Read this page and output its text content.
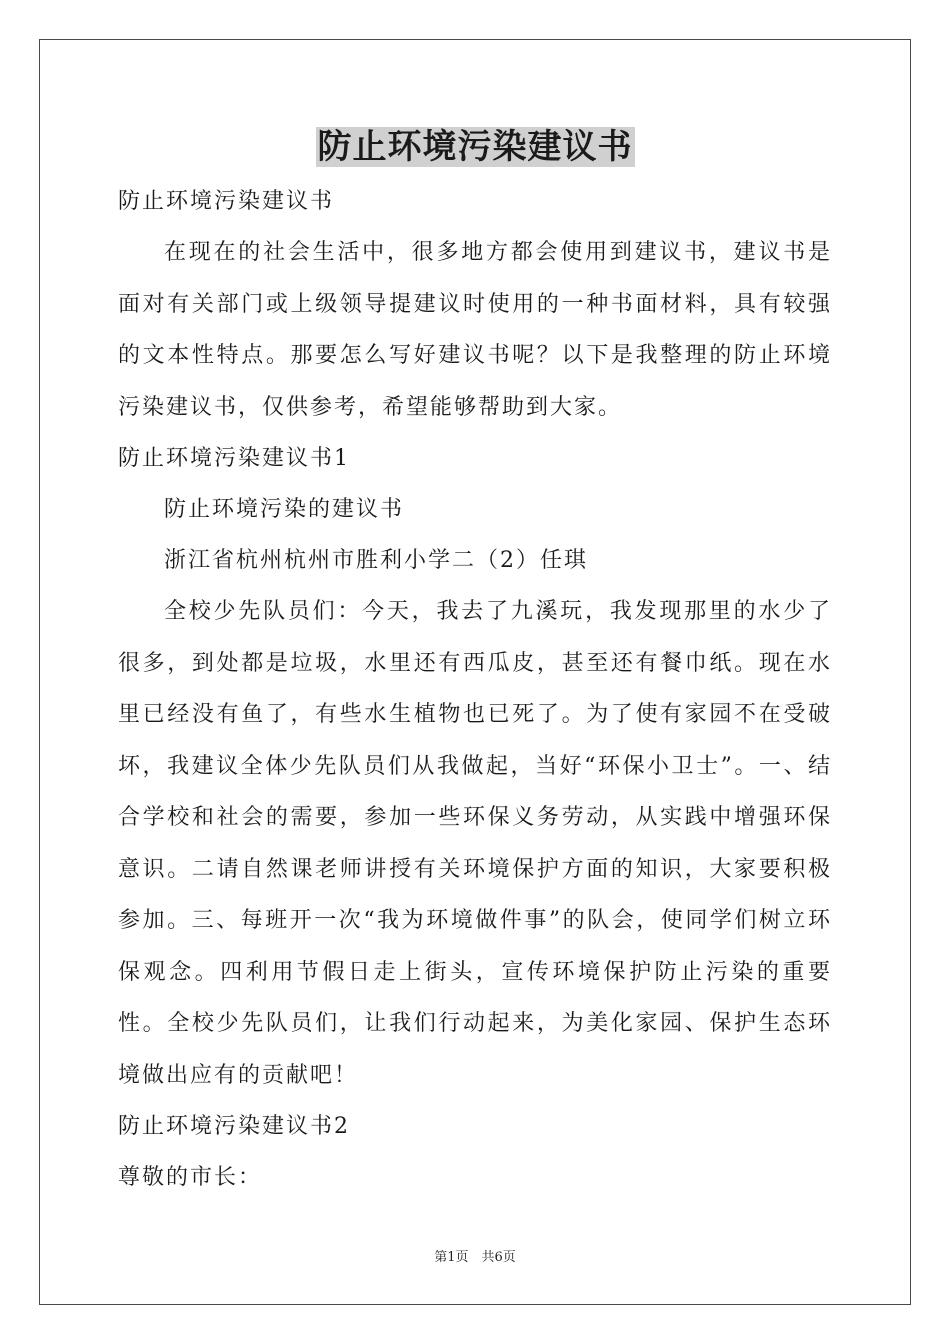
防止环境污染建议书
防止环境污染建议书
在现在的社会生活中，很多地方都会使用到建议书，建议书是面对有关部门或上级领导提建议时使用的一种书面材料，具有较强的文本性特点。那要怎么写好建议书呢？以下是我整理的防止环境污染建议书，仅供参考，希望能够帮助到大家。
防止环境污染建议书1
防止环境污染的建议书
浙江省杭州杭州市胜利小学二（2）任琪
全校少先队员们：今天，我去了九溪玩，我发现那里的水少了很多，到处都是垃圾，水里还有西瓜皮，甚至还有餐巾纸。现在水里已经没有鱼了，有些水生植物也已死了。为了使有家园不在受破坏，我建议全体少先队员们从我做起，当好“环保小卫士”。一、结合学校和社会的需要，参加一些环保义务劳动，从实践中增强环保意识。二请自然课老师讲授有关环境保护方面的知识，大家要积极参加。三、每班开一次“我为环境做件事”的队会，使同学们树立环保观念。四利用节假日走上街头，宣传环境保护防止污染的重要性。全校少先队员们，让我们行动起来，为美化家园、保护生态环境做出应有的贡献吧！
防止环境污染建议书2
尊敬的市长：
第1页　共6页
